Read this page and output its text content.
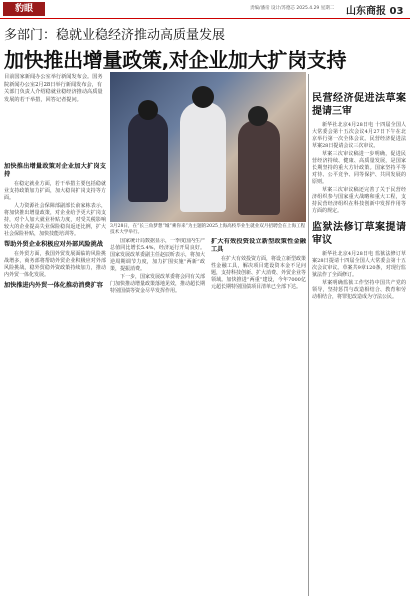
豹眼	责编/潘帝 设计/苏德芯 2025.4.29 星期二 山东商报 03
多部门：稳就业稳经济推动高质量发展
加快推出增量政策,对企业加大扩岗支持
目前国家新闻办公室举行新闻发布会。国务院新闻办公室2月28日举行新闻发布会，有关部门负责人介绍稳就业稳经济推动高质量发展的若干举措，回答记者提问。
3月28日，在“长三角梦想”城“乘你来”为主题的2025上海高校毕业生就业双月招聘会在上海工程技术大学举行。
加快推出增量政策对企业加大扩岗支持

在稳定就业方面，若干举措主要包括稳就业支持政策加力扩面，加大稳岗扩岗支持等方面。

人力资源社会保障部副部长俞家栋表示，将加快推出增量政策，对企业给予更大扩岗支持，对个人加大就业补贴力度，对受关税影响较大的企业提高失业保险稳岗返还比例，扩大社会保险补贴，加快技能培训等。

帮助外贸企业积极应对外部风险挑战

在外贸方面，我国外贸发展面临的风险挑战增多，商务部将帮助外贸企业积极应对外部风险挑战，稳外贸稳外资政策持续加力，推动内外贸一体化发展。

加快推进内外贸一体化推动消费扩容

国家统计局数据显示，一季度国内生产总值同比增长5.4%，经济运行开局良好。国家发展改革委副主任赵辰昕表示，将加大逆周期调节力度，加力扩围实施“两新”政策，提振消费。

下一步，国家发展改革委将会同有关部门加快推动增量政策落地见效，推动超长期特别国债等资金尽早发挥作用。

扩大有效投资设立新型政策性金融工具

在扩大有效投资方面，将设立新型政策性金融工具，解决项目建设资本金不足问题，支持科技创新、扩大消费、外贸企业等领域。加快推进“两重”建设，今年7000亿元超长期特别国债项目清单已全部下达。

民营经济促进法草案提请三审

新华社北京4月28日电 十四届全国人大常委会第十五次会议4月27日下午在北京举行第一次全体会议。民营经济促进法草案28日提请会议三次审议。

草案三次审议稿进一步明确，促进民营经济持续、健康、高质量发展，是国家长期坚持的重大方针政策。国家坚持平等对待、公平竞争、同等保护、共同发展的原则。

草案三次审议稿还完善了关于民营经济组织参与国家重大战略和重大工程，支持民营经济组织在科技创新中发挥作用等方面的规定。

监狱法修订草案提请审议

新华社北京4月28日电 监狱法修订草案28日提请十四届全国人大常委会第十五次会议审议。草案共9章120条，对现行监狱法作了全面修订。

草案明确监狱工作坚持中国共产党的领导，坚持惩罚与改造相结合、教育和劳动相结合，将罪犯改造成为守法公民。
